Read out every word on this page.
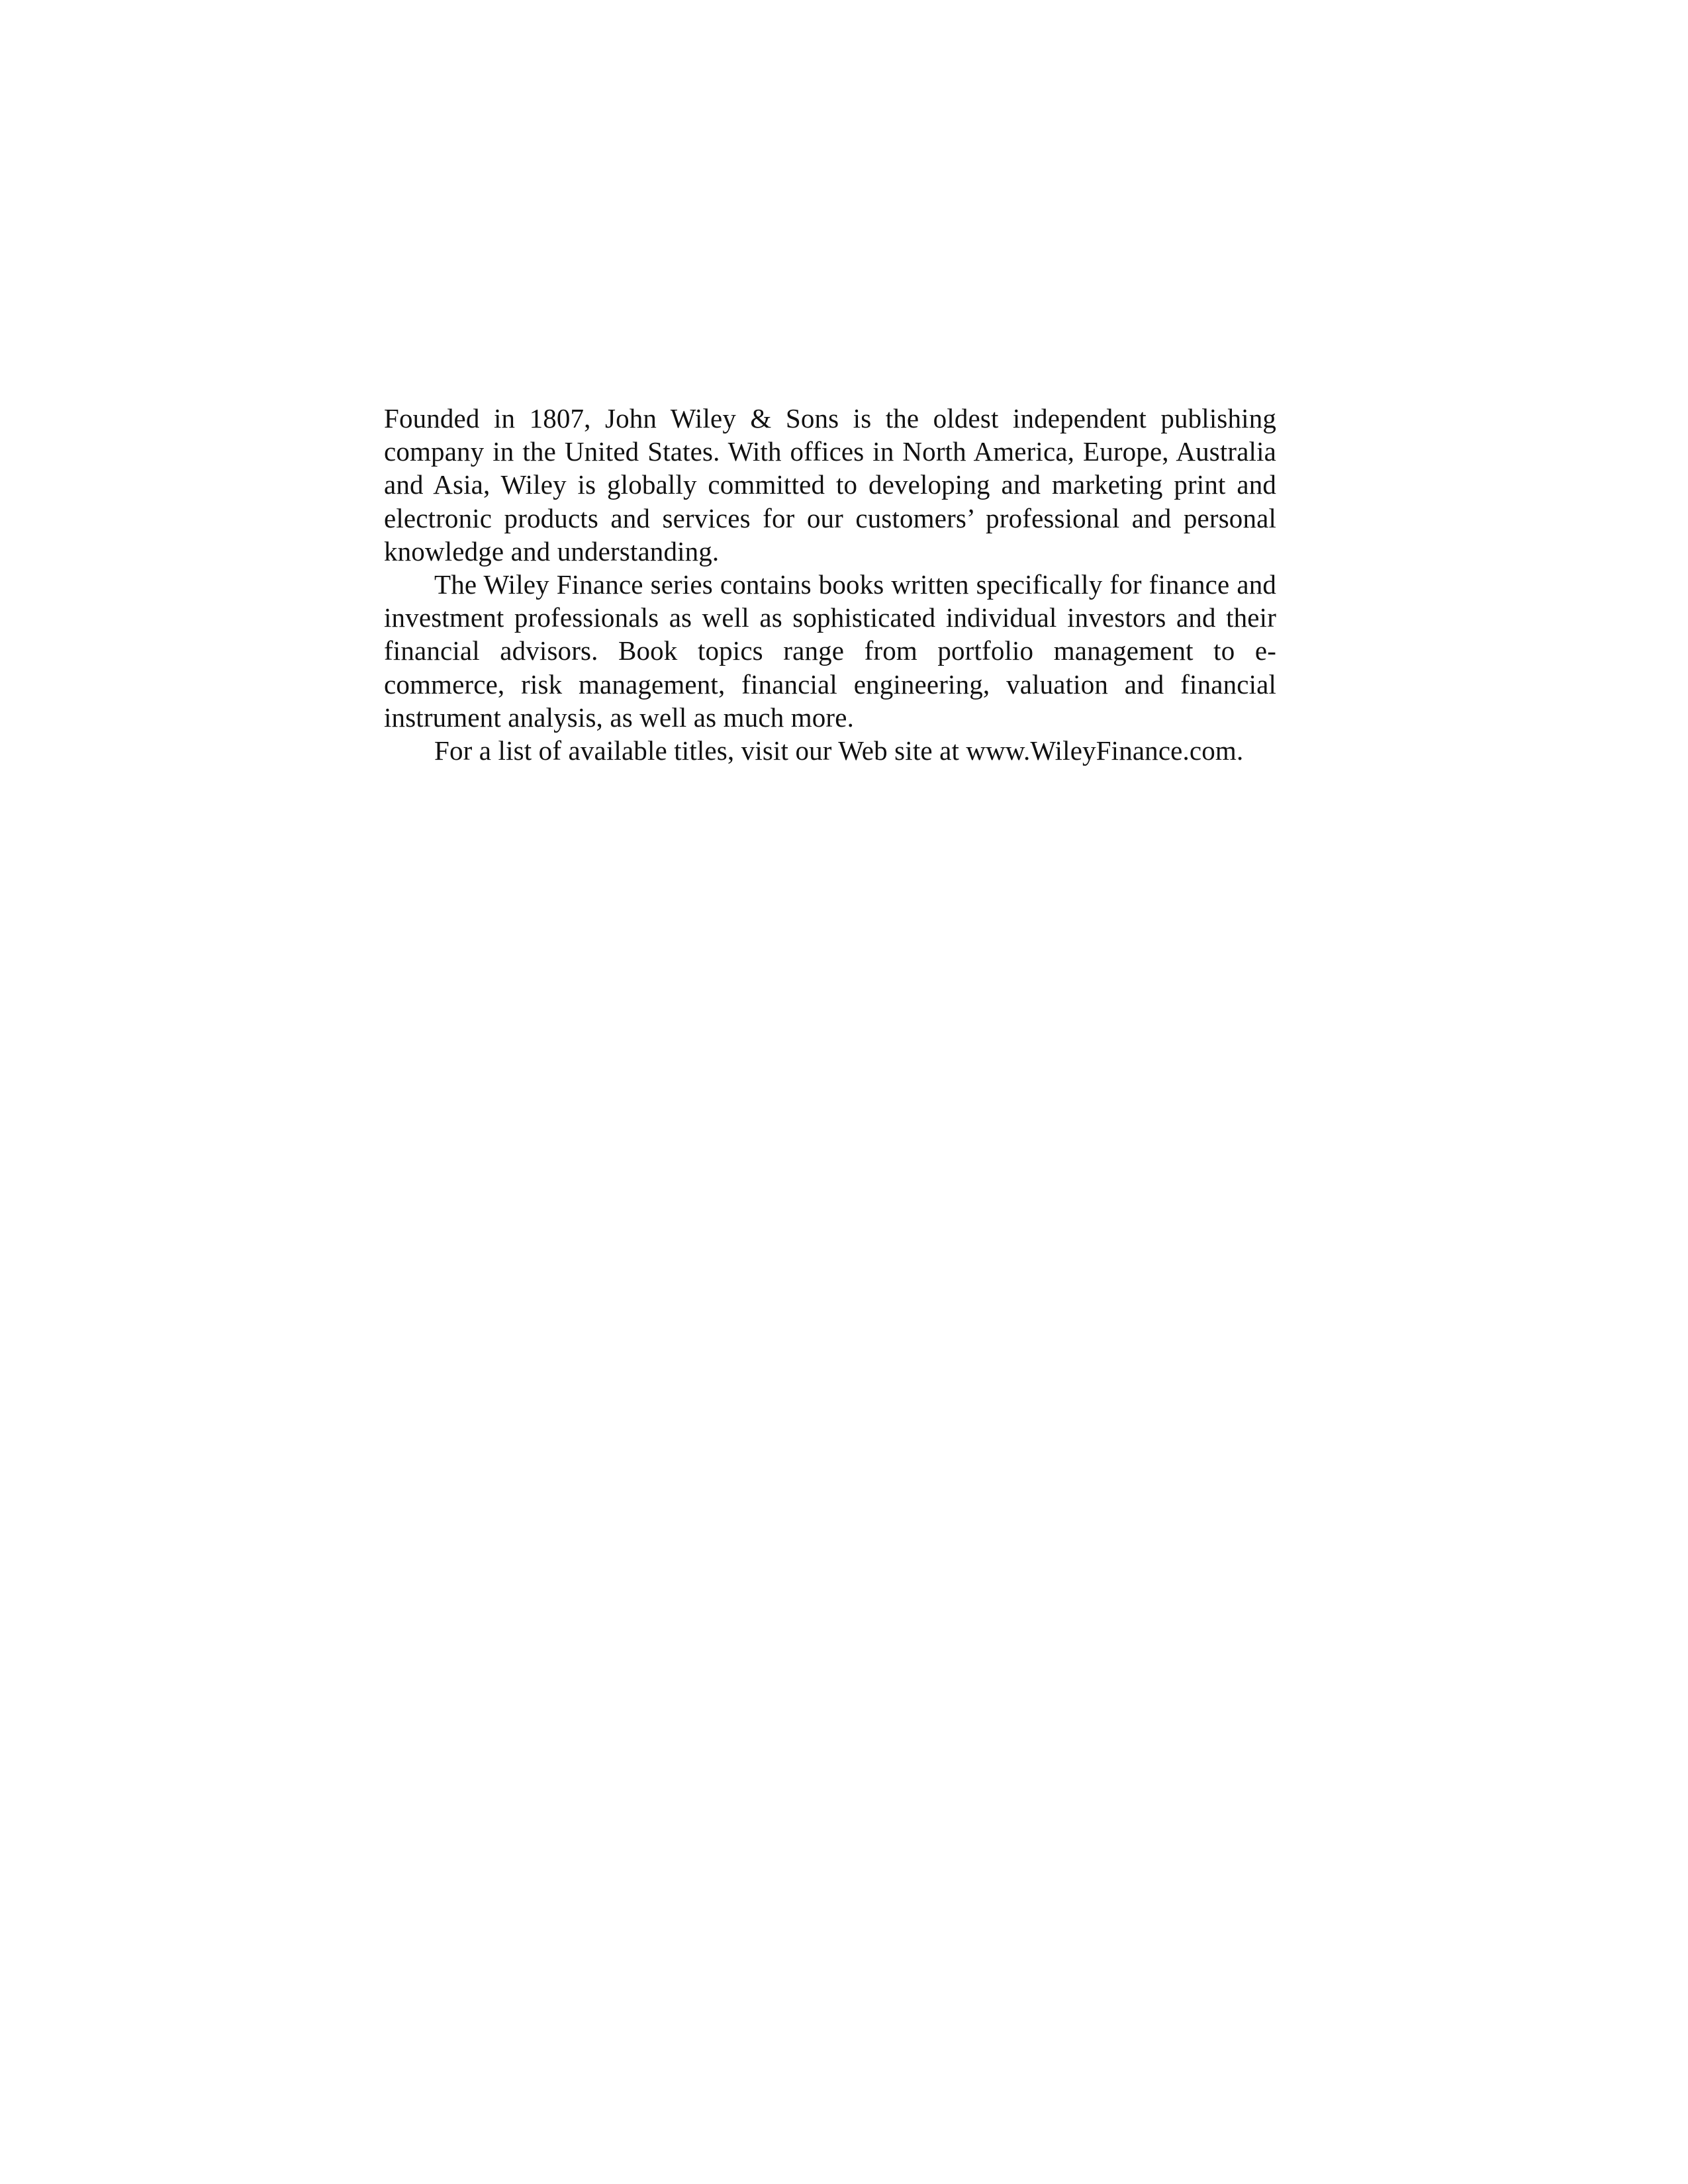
Founded in 1807, John Wiley & Sons is the oldest independent publishing company in the United States. With offices in North America, Europe, Australia and Asia, Wiley is globally committed to developing and marketing print and electronic products and services for our customers’ professional and personal knowledge and understanding.

The Wiley Finance series contains books written specifically for finance and investment professionals as well as sophisticated individual investors and their financial advisors. Book topics range from portfolio management to e-commerce, risk management, financial engineering, valuation and financial instrument analysis, as well as much more.

For a list of available titles, visit our Web site at www.WileyFinance.com.
